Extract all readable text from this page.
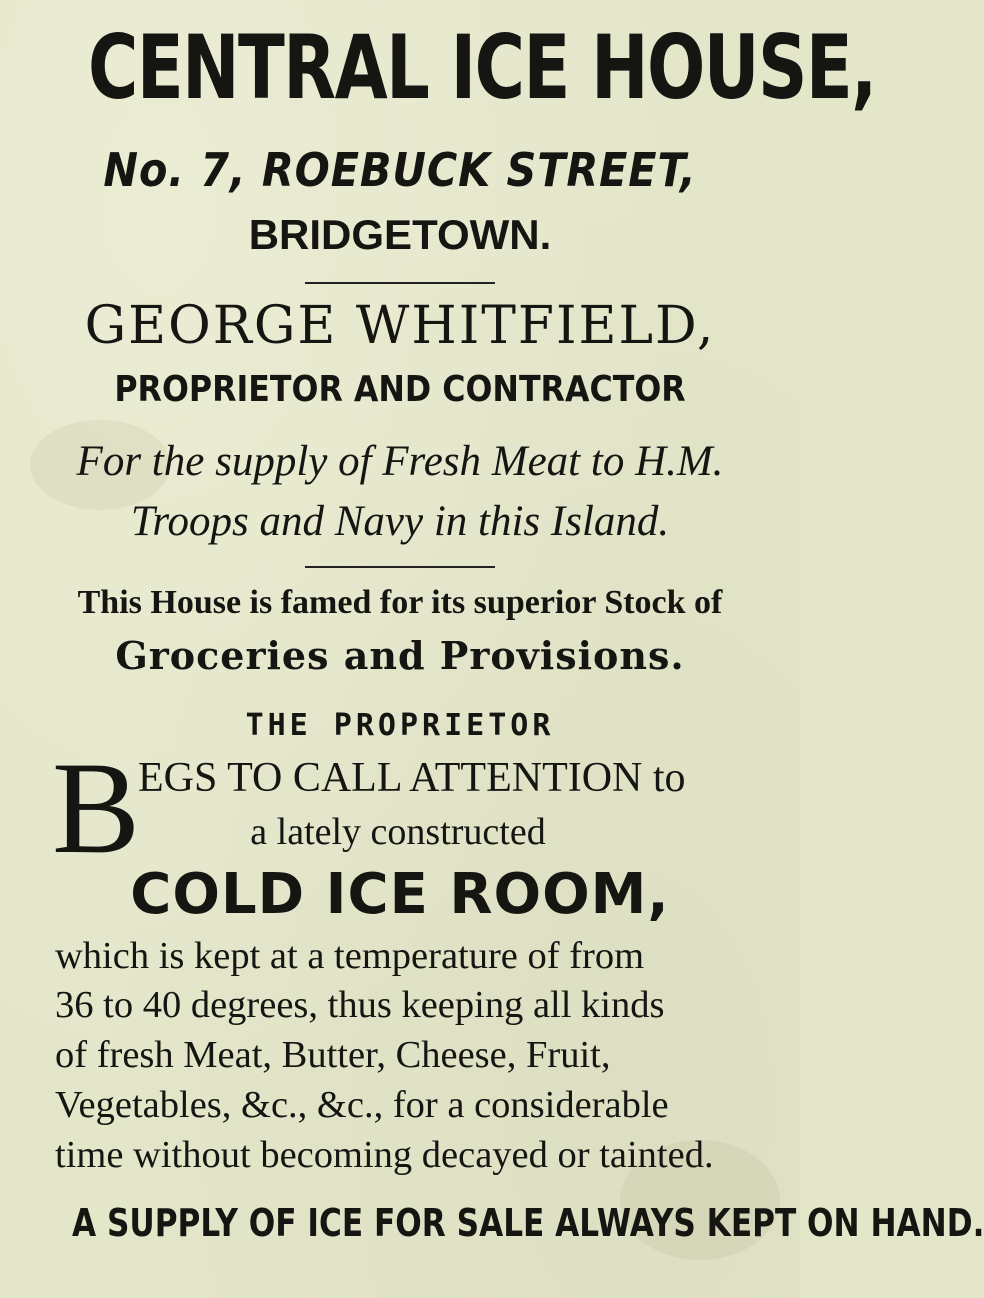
CENTRAL ICE HOUSE,
No. 7, ROEBUCK STREET,
BRIDGETOWN.
GEORGE WHITFIELD,
PROPRIETOR AND CONTRACTOR
For the supply of Fresh Meat to H.M.
Troops and Navy in this Island.
This House is famed for its superior Stock of
Groceries and Provisions.
THE PROPRIETOR
B
EGS TO CALL ATTENTION to
a lately constructed
COLD ICE ROOM,
which is kept at a temperature of from
36 to 40 degrees, thus keeping all kinds
of fresh Meat, Butter, Cheese, Fruit,
Vegetables, &c., &c., for a considerable
time without becoming decayed or tainted.
A SUPPLY OF ICE FOR SALE ALWAYS KEPT ON HAND.
